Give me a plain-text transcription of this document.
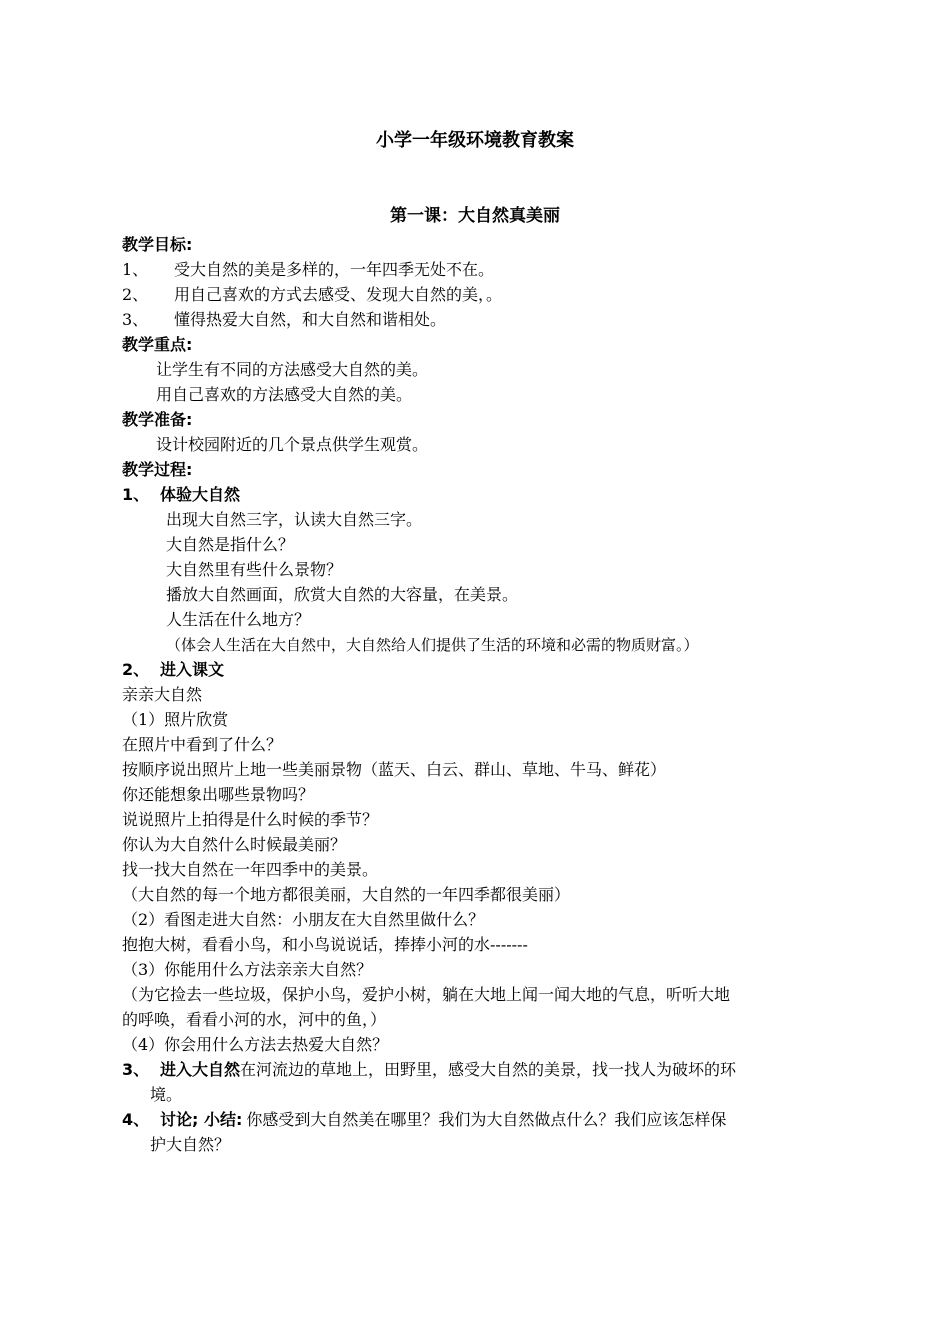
小学一年级环境教育教案
第一课：大自然真美丽
教学目标:
1、 受大自然的美是多样的，一年四季无处不在。
2、 用自己喜欢的方式去感受、发现大自然的美，。
3、 懂得热爱大自然，和大自然和谐相处。
教学重点:
让学生有不同的方法感受大自然的美。
用自己喜欢的方法感受大自然的美。
教学准备:
设计校园附近的几个景点供学生观赏。
教学过程:
1、 体验大自然
出现大自然三字，认读大自然三字。
大自然是指什么？
大自然里有些什么景物？
播放大自然画面，欣赏大自然的大容量，在美景。
人生活在什么地方？
（体会人生活在大自然中，大自然给人们提供了生活的环境和必需的物质财富。）
2、 进入课文
亲亲大自然
（1）照片欣赏
在照片中看到了什么？
按顺序说出照片上地一些美丽景物（蓝天、白云、群山、草地、牛马、鲜花）
你还能想象出哪些景物吗？
说说照片上拍得是什么时候的季节？
你认为大自然什么时候最美丽？
找一找大自然在一年四季中的美景。
（大自然的每一个地方都很美丽，大自然的一年四季都很美丽）
（2）看图走进大自然：小朋友在大自然里做什么？
抱抱大树，看看小鸟，和小鸟说说话，捧捧小河的水-------
（3）你能用什么方法亲亲大自然？
（为它捡去一些垃圾，保护小鸟，爱护小树，躺在大地上闻一闻大地的气息，听听大地
的呼唤，看看小河的水，河中的鱼，）
（4）你会用什么方法去热爱大自然？
3、 进入大自然在河流边的草地上，田野里，感受大自然的美景，找一找人为破坏的环
境。
4、 讨论; 小结: 你感受到大自然美在哪里？我们为大自然做点什么？我们应该怎样保
护大自然？
